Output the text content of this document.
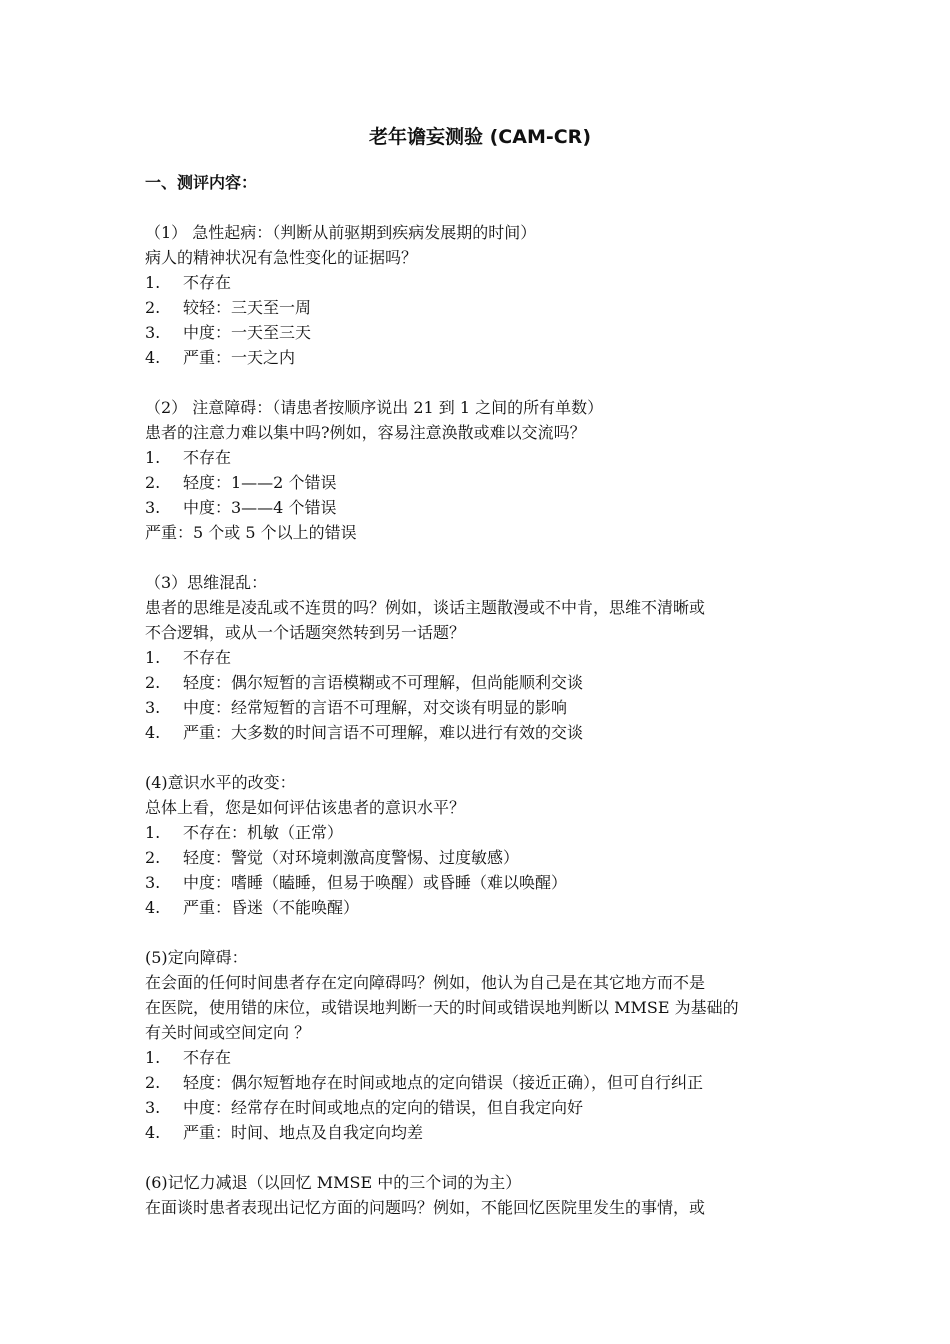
老年谵妄测验 (CAM-CR)
一、测评内容：
（1） 急性起病：（判断从前驱期到疾病发展期的时间）
病人的精神状况有急性变化的证据吗？
1.	不存在
2.	较轻：三天至一周
3.	中度：一天至三天
4.	严重：一天之内
（2） 注意障碍：（请患者按顺序说出 21 到 1 之间的所有单数）
患者的注意力难以集中吗?例如，容易注意涣散或难以交流吗？
1.	不存在
2.	轻度：1——2 个错误
3.	中度：3——4 个错误
严重：5 个或 5 个以上的错误
（3）思维混乱：
患者的思维是凌乱或不连贯的吗？例如，谈话主题散漫或不中肯，思维不清晰或
不合逻辑，或从一个话题突然转到另一话题？
1.	不存在
2.	轻度：偶尔短暂的言语模糊或不可理解，但尚能顺利交谈
3.	中度：经常短暂的言语不可理解，对交谈有明显的影响
4.	严重：大多数的时间言语不可理解，难以进行有效的交谈
(4)意识水平的改变：
总体上看，您是如何评估该患者的意识水平？
1.	不存在：机敏（正常）
2.	轻度：警觉（对环境刺激高度警惕、过度敏感）
3.	中度：嗜睡（瞌睡，但易于唤醒）或昏睡（难以唤醒）
4.	严重：昏迷（不能唤醒）
(5)定向障碍：
在会面的任何时间患者存在定向障碍吗？例如，他认为自己是在其它地方而不是
在医院，使用错的床位，或错误地判断一天的时间或错误地判断以 MMSE 为基础的
有关时间或空间定向 ？
1.	不存在
2.	轻度：偶尔短暂地存在时间或地点的定向错误（接近正确），但可自行纠正
3.	中度：经常存在时间或地点的定向的错误，但自我定向好
4.	严重：时间、地点及自我定向均差
(6)记忆力减退（以回忆 MMSE 中的三个词的为主）
在面谈时患者表现出记忆方面的问题吗？例如，不能回忆医院里发生的事情，或
